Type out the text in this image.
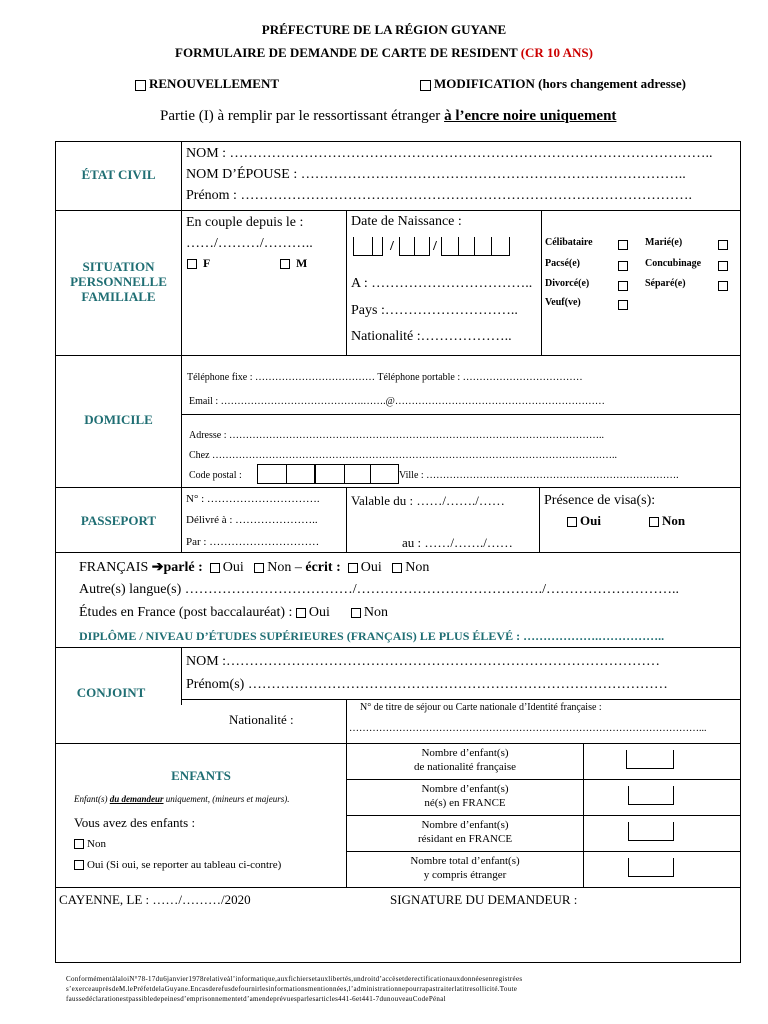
PRÉFECTURE DE LA RÉGION GUYANE
FORMULAIRE DE DEMANDE DE CARTE DE RESIDENT (CR 10 ANS)
RENOUVELLEMENT	MODIFICATION (hors changement adresse)
Partie (I) à remplir par le ressortissant étranger à l’encre noire uniquement
ÉTAT CIVIL
NOM : …………………………………………………………………………………………..
NOM D’ÉPOUSE : ………………………………………………………………………..
Prénom : …………………………………………………………………………………….
SITUATION
PERSONNELLE
FAMILIALE
En couple depuis le :
……/………/………..
F	M
Date de Naissance :
/	/
A : ……………………………..
Pays :………………………..
Nationalité :………………..
Célibataire	Marié(e)
Pacsé(e)	Concubinage
Divorcé(e)	Séparé(e)
Veuf(ve)
DOMICILE
Téléphone fixe : ……………………………… Téléphone portable : ………………………………
Email : …………………………………….…….@………………………………………………………
Adresse : …………………………………………………………………………………………………..
Chez …………………………………………………………………………………………………………..
Code postal :	Ville : ………………………………………………………………….
PASSEPORT
N° : ………………………….
Délivré à : …………………..
Par : …………………………
Valable du : ……/……./……
au : ……/……./……
Présence de visa(s):
Oui	Non
FRANÇAIS ➔parlé : Oui Non – écrit : Oui Non
Autre(s) langue(s) ………………………………/…………………………………./………………………..
Études en France (post baccalauréat) : Oui Non
DIPLÔME / NIVEAU D’ÉTUDES SUPÉRIEURES (FRANÇAIS) LE PLUS ÉLEVÉ : ……………….……………..
CONJOINT
NOM :…………………………………………………………………………………
Prénom(s) ………………………………………………………………………………
Nationalité :
N° de titre de séjour ou Carte nationale d’Identité française :
……………………………………………………………………………………………...
ENFANTS
Enfant(s) du demandeur uniquement, (mineurs et majeurs).
Vous avez des enfants :
Non
Oui (Si oui, se reporter au tableau ci-contre)
Nombre d’enfant(s)
de nationalité française
Nombre d’enfant(s)
né(s) en FRANCE
Nombre d’enfant(s)
résidant en FRANCE
Nombre total d’enfant(s)
y compris étranger
CAYENNE, LE : ……/………/2020	SIGNATURE DU DEMANDEUR :
ConformémentàlaloiN°78-17du6janvier1978relativeàl’informatique,auxfichiersetauxlibertés,undroitd’accèsetderectificationauxdonnéesenregistrées
s’exerceauprèsdeM.lePréfetdelaGuyane.Encasderefusdefournirlesinformationsmentionnées,l’administrationnepourrapastraiterlatitresollicité.Toute
faussedéclarationestpassibledepeinesd’emprisonnementetd’amendeprévuesparlesarticles441-6et441-7dunouveauCodePénal
